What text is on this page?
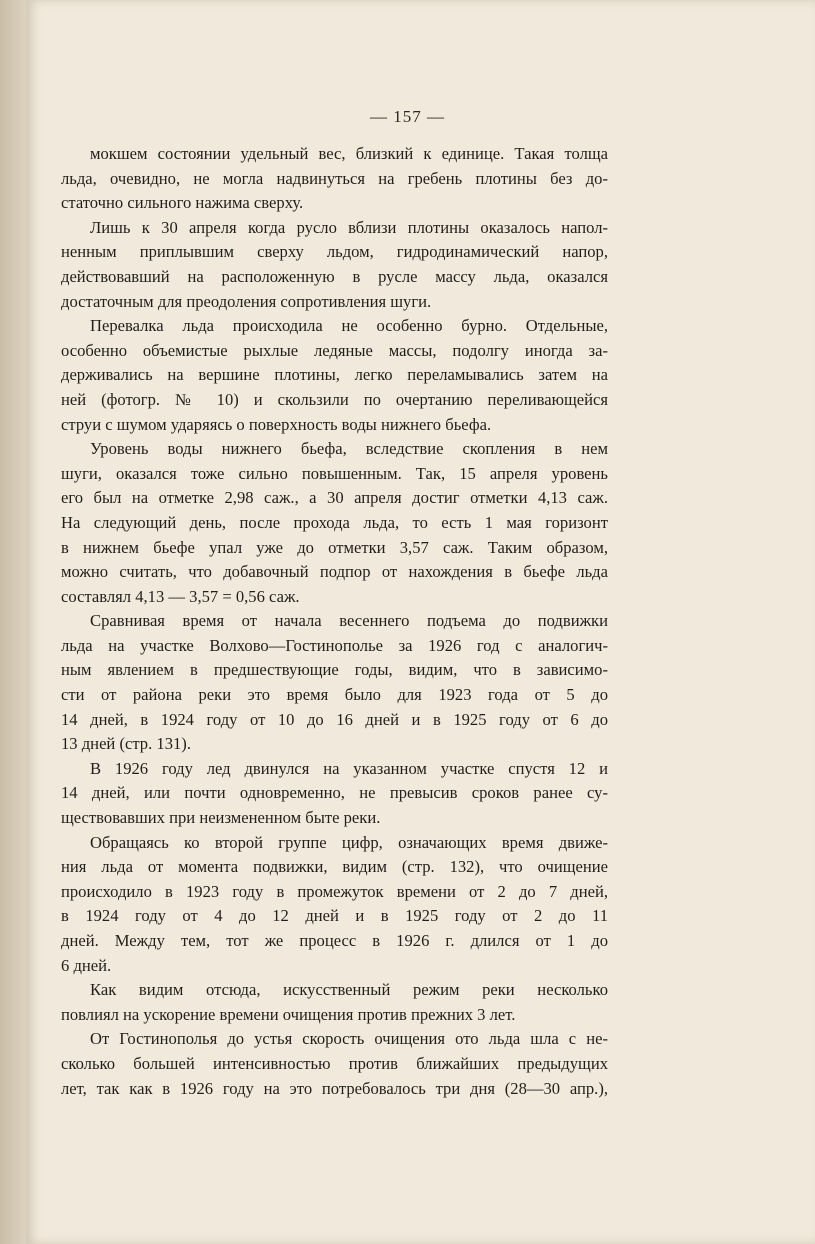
— 157 —
мокшем состоянии удельный вес, близкий к единице. Такая толща
льда, очевидно, не могла надвинуться на гребень плотины без до-
статочно сильного нажима сверху.
Лишь к 30 апреля когда русло вблизи плотины оказалось напол-
ненным приплывшим сверху льдом, гидродинамический напор,
действовавший на расположенную в русле массу льда, оказался
достаточным для преодоления сопротивления шуги.
Перевалка льда происходила не особенно бурно. Отдельные,
особенно объемистые рыхлые ледяные массы, подолгу иногда за-
держивались на вершине плотины, легко переламывались затем на
ней (фотогр. № 10) и скользили по очертанию переливающейся
струи с шумом ударяясь о поверхность воды нижнего бьефа.
Уровень воды нижнего бьефа, вследствие скопления в нем
шуги, оказался тоже сильно повышенным. Так, 15 апреля уровень
его был на отметке 2,98 саж., а 30 апреля достиг отметки 4,13 саж.
На следующий день, после прохода льда, то есть 1 мая горизонт
в нижнем бьефе упал уже до отметки 3,57 саж. Таким образом,
можно считать, что добавочный подпор от нахождения в бьефе льда
составлял 4,13 — 3,57 = 0,56 саж.
Сравнивая время от начала весеннего подъема до подвижки
льда на участке Волхово—Гостинополье за 1926 год с аналогич-
ным явлением в предшествующие годы, видим, что в зависимо-
сти от района реки это время было для 1923 года от 5 до
14 дней, в 1924 году от 10 до 16 дней и в 1925 году от 6 до
13 дней (стр. 131).
В 1926 году лед двинулся на указанном участке спустя 12 и
14 дней, или почти одновременно, не превысив сроков ранее су-
ществовавших при неизмененном быте реки.
Обращаясь ко второй группе цифр, означающих время движе-
ния льда от момента подвижки, видим (стр. 132), что очищение
происходило в 1923 году в промежуток времени от 2 до 7 дней,
в 1924 году от 4 до 12 дней и в 1925 году от 2 до 11
дней. Между тем, тот же процесс в 1926 г. длился от 1 до
6 дней.
Как видим отсюда, искусственный режим реки несколько
повлиял на ускорение времени очищения против прежних 3 лет.
От Гостинополья до устья скорость очищения ото льда шла с не-
сколько большей интенсивностью против ближайших предыдущих
лет, так как в 1926 году на это потребовалось три дня (28—30 апр.),
